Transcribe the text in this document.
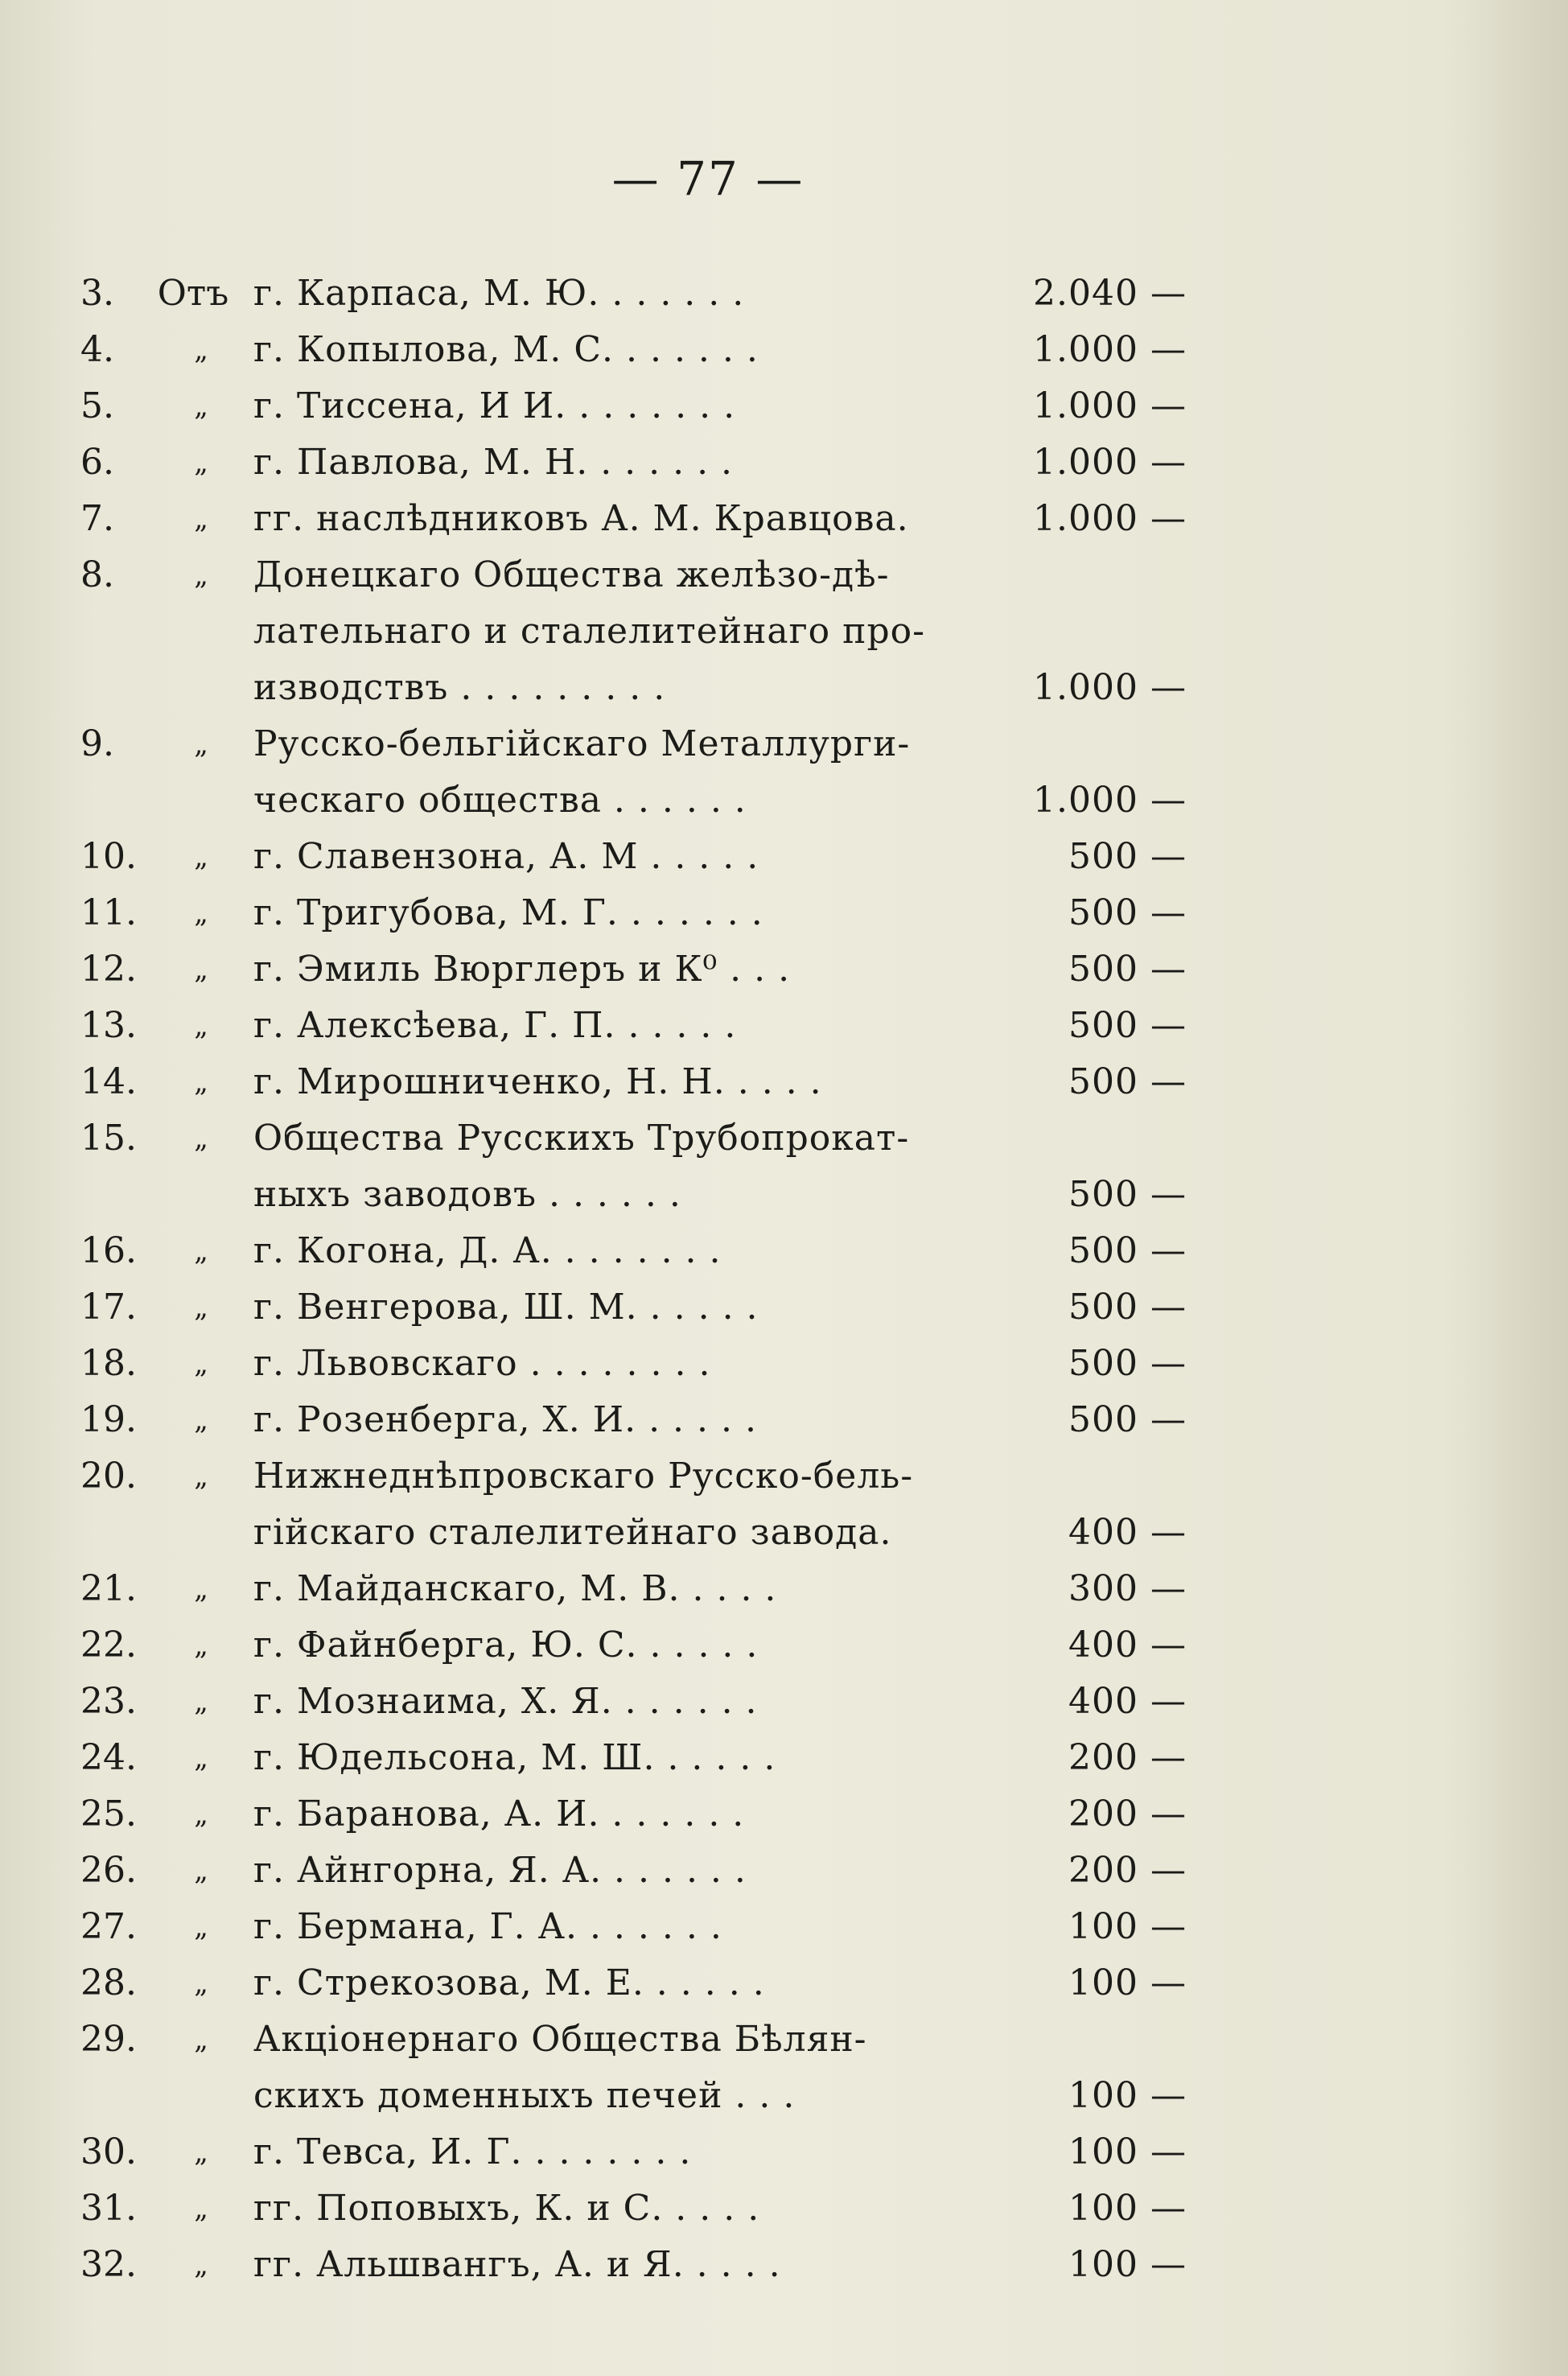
— 77 —
3.	Отъ г. Карпаса, М. Ю. . . . . . .	2.040 —
4.	„	г. Копылова, М. С. . . . . . .	1.000 —
5.	„	г. Тиссена, И И. . . . . . . .	1.000 —
6.	„	г. Павлова, М. Н. . . . . . .	1.000 —
7.	„	гг. наслѣдниковъ А. М. Кравцова.	1.000 —
8.	„	Донецкаго Общества желѣзо-дѣ-
лательнаго и сталелитейнаго про-
изводствъ . . . . . . . . .	1.000 —
9.	„	Русско-бельгійскаго Металлурги-
ческаго общества . . . . . .	1.000 —
10.	„	г. Славензона, А. М . . . . .	500 —
11.	„	г. Тригубова, М. Г. . . . . . .	500 —
12.	„	г. Эмиль Вюрглеръ и К⁰ . . .	500 —
13.	„	г. Алексѣева, Г. П. . . . . .	500 —
14.	„	г. Мирошниченко, Н. Н. . . . .	500 —
15.	„	Общества Русскихъ Трубопрокат-
ныхъ заводовъ . . . . . .	500 —
16.	„	г. Когона, Д. А. . . . . . . .	500 —
17.	„	г. Венгерова, Ш. М. . . . . .	500 —
18.	„	г. Львовскаго . . . . . . . .	500 —
19.	„	г. Розенберга, Х. И. . . . . .	500 —
20.	„	Нижнеднѣпровскаго Русско-бель-
гійскаго сталелитейнаго завода.	400 —
21.	„	г. Майданскаго, М. В. . . . .	300 —
22.	„	г. Файнберга, Ю. С. . . . . .	400 —
23.	„	г. Мознаима, Х. Я. . . . . . .	400 —
24.	„	г. Юдельсона, М. Ш. . . . . .	200 —
25.	„	г. Баранова, А. И. . . . . . .	200 —
26.	„	г. Айнгорна, Я. А. . . . . . .	200 —
27.	„	г. Бермана, Г. А. . . . . . .	100 —
28.	„	г. Стрекозова, М. Е. . . . . .	100 —
29.	„	Акціонернаго Общества Бѣлян-
скихъ доменныхъ печей . . .	100 —
30.	„	г. Тевса, И. Г. . . . . . . .	100 —
31.	„	гг. Поповыхъ, К. и С. . . . .	100 —
32.	„	гг. Альшвангъ, А. и Я. . . . .	100 —
